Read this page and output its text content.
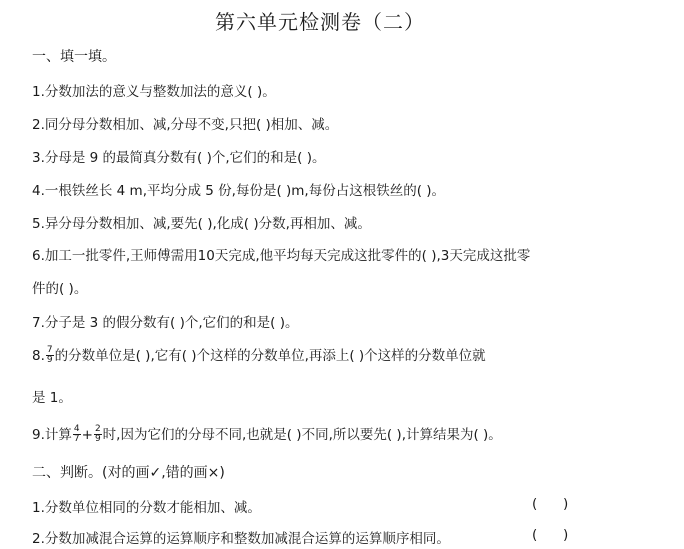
第六单元检测卷（二）
一、填一填。
1.分数加法的意义与整数加法的意义( )。
2.同分母分数相加、减,分母不变,只把( )相加、减。
3.分母是 9 的最简真分数有( )个,它们的和是( )。
4.一根铁丝长 4 m,平均分成 5 份,每份是( )m,每份占这根铁丝的( )。
5.异分母分数相加、减,要先( ),化成( )分数,再相加、减。
6.加工一批零件,王师傅需用10天完成,他平均每天完成这批零件的( ),3天完成这批零
件的( )。
7.分子是 3 的假分数有( )个,它们的和是( )。
8. $\frac{7}{9}$ 的分数单位是( ),它有( )个这样的分数单位,再添上( )个这样的分数单位就
是 1。
9.计算 $\frac{4}{7} + \frac{2}{9}$ 时,因为它们的分母不同,也就是( )不同,所以要先( ),计算结果为( )。
二、判断。(对的画✓,错的画×)
1.分数单位相同的分数才能相加、减。	(      )
2.分数加减混合运算的运算顺序和整数加减混合运算的运算顺序相同。	(      )
